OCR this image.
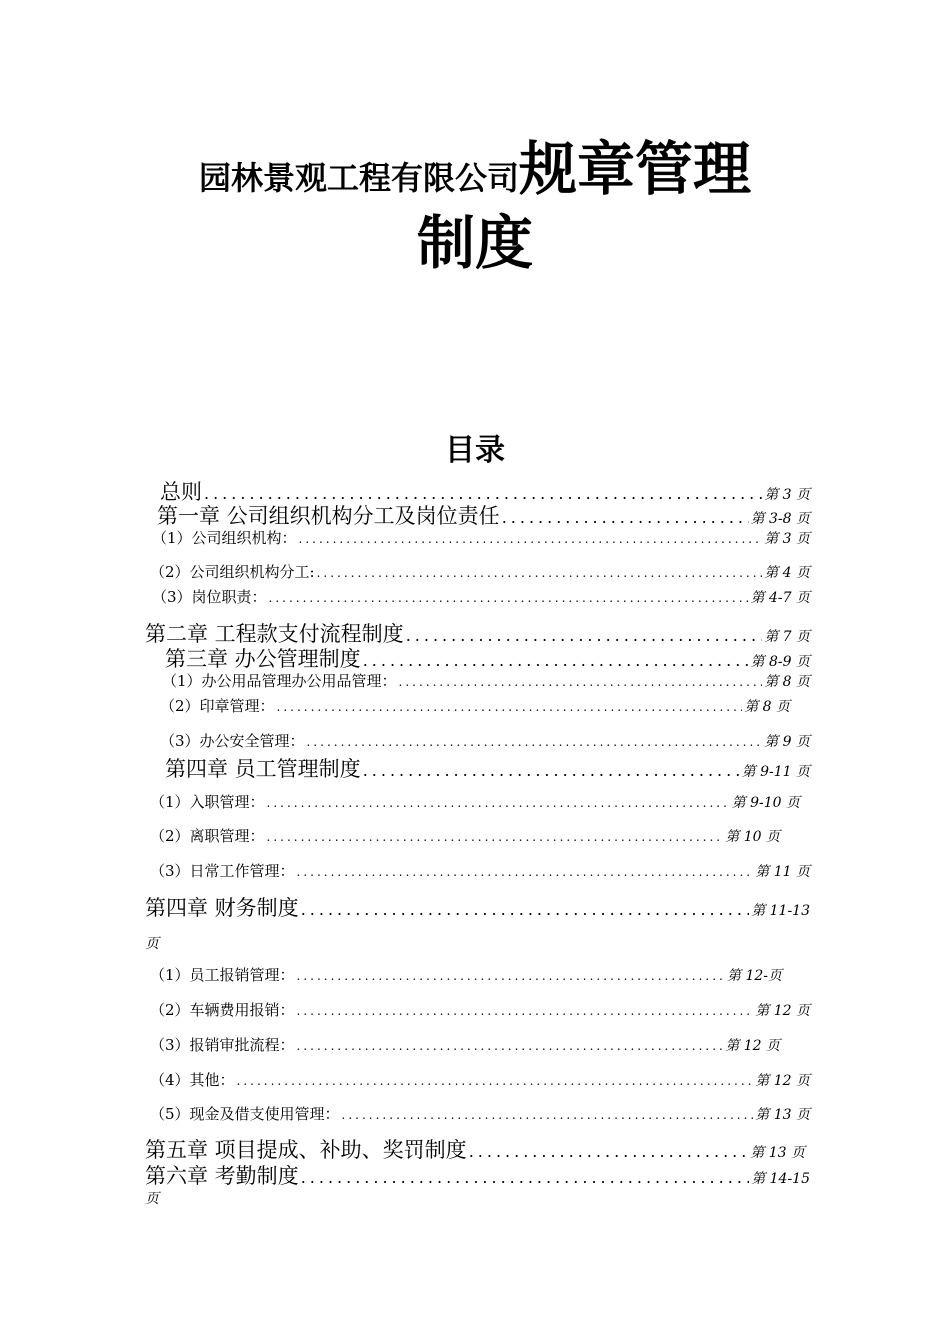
园林景观工程有限公司规章管理
制度
目录
总则 .....	第 3 页
第一章 公司组织机构分工及岗位责任 .....	第 3-8 页
（1）公司组织机构： .....	第 3 页
（2）公司组织机构分工: .....	第 4 页
（3）岗位职责： .....	第 4-7 页
第二章 工程款支付流程制度 .....	第 7 页
第三章 办公管理制度 .....	第 8-9 页
（1）办公用品管理办公用品管理： .....	第 8 页
（2）印章管理： .....	第 8 页
（3）办公安全管理： .....	第 9 页
第四章 员工管理制度 .....	第 9-11 页
（1）入职管理： .....	第 9-10 页
（2）离职管理： .....	第 10 页
（3）日常工作管理： .....	第 11 页
第四章 财务制度 .....	第 11-13
页
（1）员工报销管理： .....	第 12-页
（2）车辆费用报销： .....	第 12 页
（3）报销审批流程： .....	第 12 页
（4）其他： .....	第 12 页
（5）现金及借支使用管理： .....	第 13 页
第五章 项目提成、补助、奖罚制度 .....	第 13 页
第六章 考勤制度 .....	第 14-15
页
